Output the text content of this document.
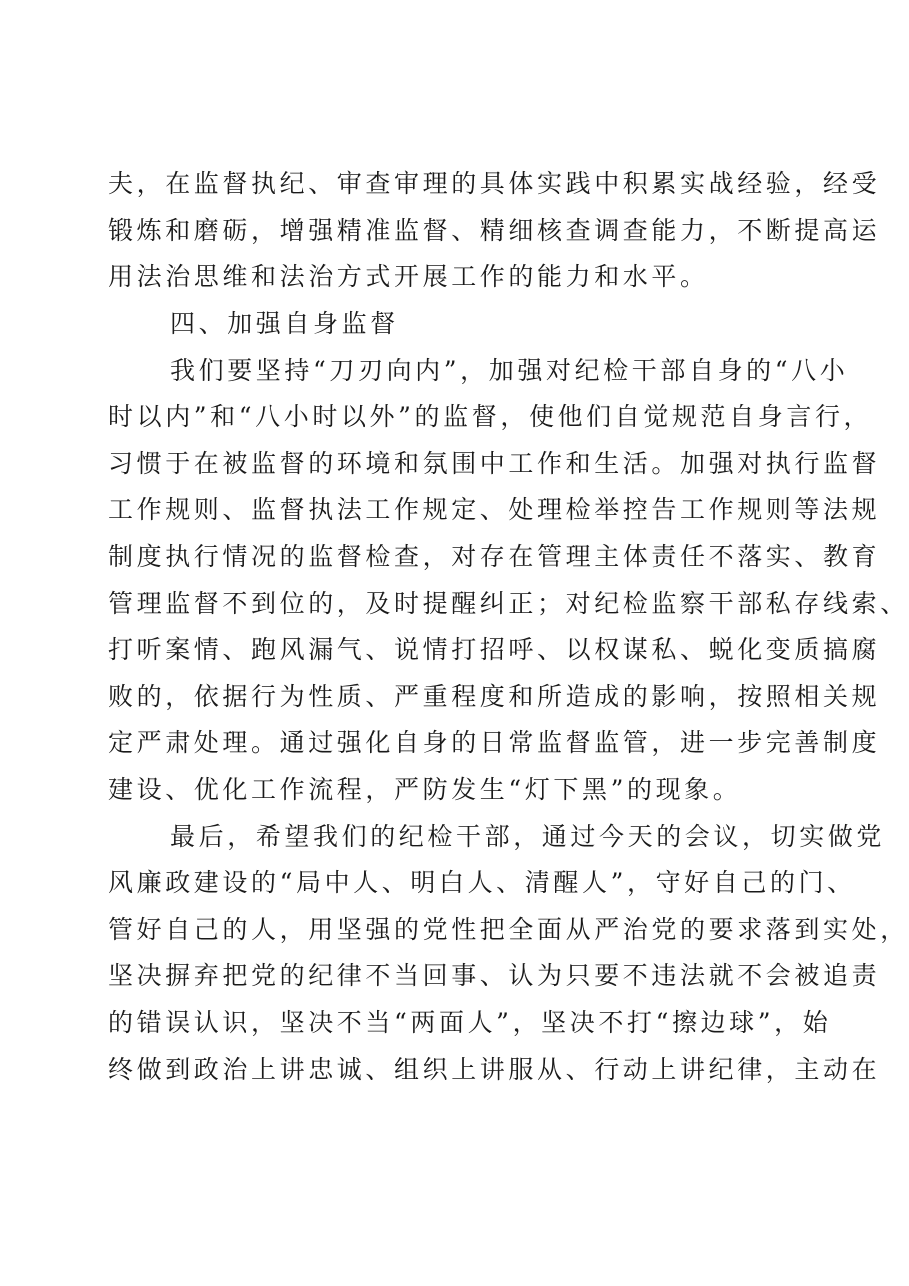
夫，在监督执纪、审查审理的具体实践中积累实战经验，经受
锻炼和磨砺，增强精准监督、精细核查调查能力，不断提高运
用法治思维和法治方式开展工作的能力和水平。
四、加强自身监督
我们要坚持“刀刃向内”，加强对纪检干部自身的“八小
时以内”和“八小时以外”的监督，使他们自觉规范自身言行，
习惯于在被监督的环境和氛围中工作和生活。加强对执行监督
工作规则、监督执法工作规定、处理检举控告工作规则等法规
制度执行情况的监督检查，对存在管理主体责任不落实、教育
管理监督不到位的，及时提醒纠正；对纪检监察干部私存线索、
打听案情、跑风漏气、说情打招呼、以权谋私、蜕化变质搞腐
败的，依据行为性质、严重程度和所造成的影响，按照相关规
定严肃处理。通过强化自身的日常监督监管，进一步完善制度
建设、优化工作流程，严防发生“灯下黑”的现象。
最后，希望我们的纪检干部，通过今天的会议，切实做党
风廉政建设的“局中人、明白人、清醒人”，守好自己的门、
管好自己的人，用坚强的党性把全面从严治党的要求落到实处，
坚决摒弃把党的纪律不当回事、认为只要不违法就不会被追责
的错误认识，坚决不当“两面人”，坚决不打“擦边球”，始
终做到政治上讲忠诚、组织上讲服从、行动上讲纪律，主动在
